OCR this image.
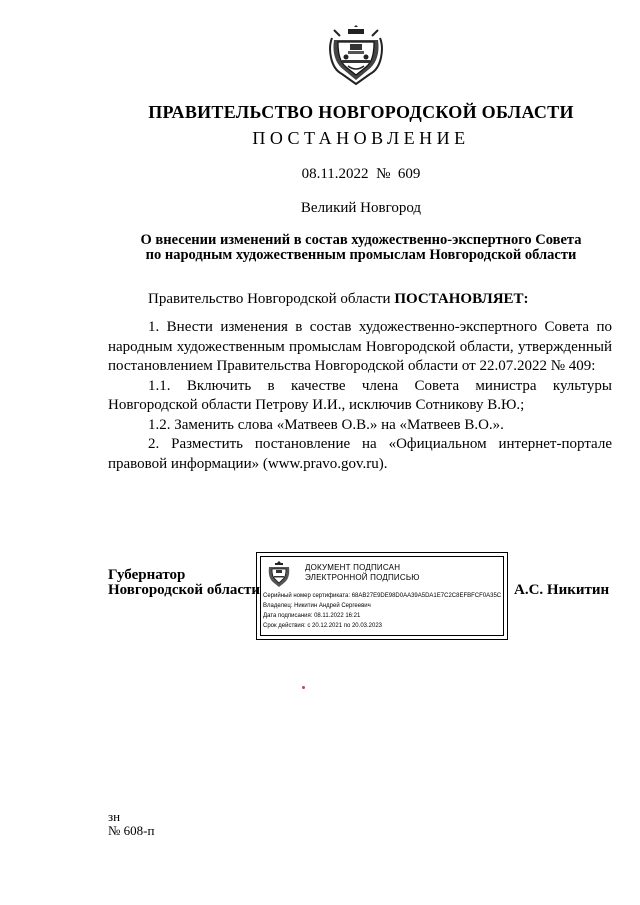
ПРАВИТЕЛЬСТВО НОВГОРОДСКОЙ ОБЛАСТИ
ПОСТАНОВЛЕНИЕ
08.11.2022 № 609
Великий Новгород
О внесении изменений в состав художественно-экспертного Совета
по народным художественным промыслам Новгородской области
Правительство Новгородской области ПОСТАНОВЛЯЕТ:

1. Внести изменения в состав художественно-экспертного Совета по народным художественным промыслам Новгородской области, утвержденный постановлением Правительства Новгородской области от 22.07.2022 № 409:

1.1. Включить в качестве члена Совета министра культуры Новгородской области Петрову И.И., исключив Сотникову В.Ю.;

1.2. Заменить слова «Матвеев О.В.» на «Матвеев В.О.».

2. Разместить постановление на «Официальном интернет-портале правовой информации» (www.pravo.gov.ru).

Губернатор
Новгородской области
ДОКУМЕНТ ПОДПИСАН
ЭЛЕКТРОННОЙ ПОДПИСЬЮ
Серийный номер сертификата: 68AB27E9DE98D0AA39A5DA1E7C2C8EFBFCF0A35C
Владелец: Никитин Андрей Сергеевич
Дата подписания: 08.11.2022 16:21
Срок действия: с 20.12.2021 по 20.03.2023
А.С. Никитин
зн
№ 608-п
